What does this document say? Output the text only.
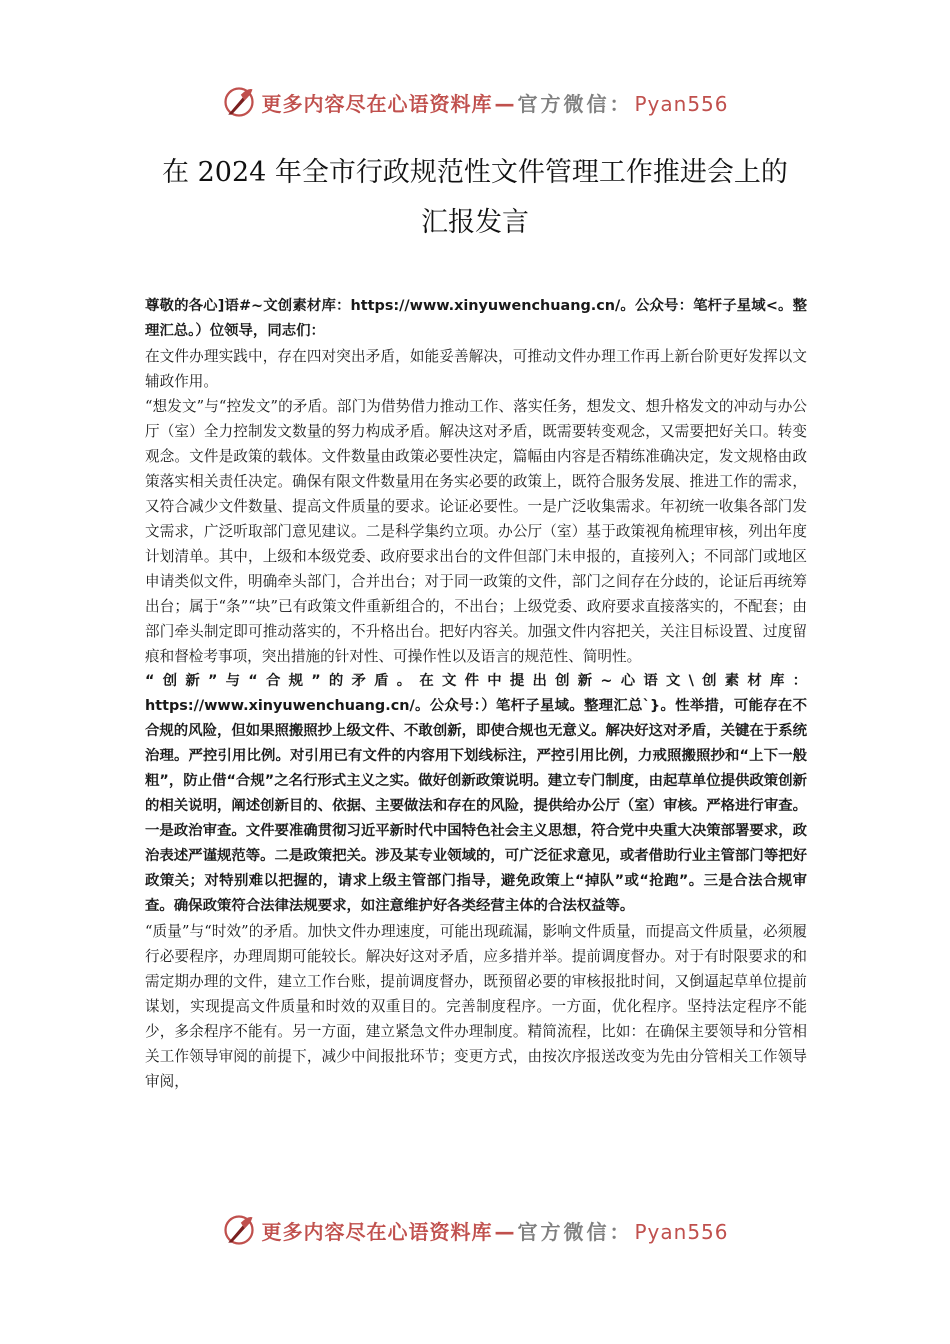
更多内容尽在心语资料库 — 官方微信： Pyan556
在 2024 年全市行政规范性文件管理工作推进会上的
汇报发言

尊敬的各心]语#~文创素材库：https://www.xinyuwenchuang.cn/。公众号：笔杆子星域<。整理汇总。）位领导，同志们：

在文件办理实践中，存在四对突出矛盾，如能妥善解决，可推动文件办理工作再上新台阶更好发挥以文辅政作用。

“想发文”与“控发文”的矛盾。部门为借势借力推动工作、落实任务，想发文、想升格发文的冲动与办公厅（室）全力控制发文数量的努力构成矛盾。解决这对矛盾，既需要转变观念，又需要把好关口。转变观念。文件是政策的载体。文件数量由政策必要性决定，篇幅由内容是否精练准确决定，发文规格由政策落实相关责任决定。确保有限文件数量用在务实必要的政策上，既符合服务发展、推进工作的需求，又符合减少文件数量、提高文件质量的要求。论证必要性。一是广泛收集需求。年初统一收集各部门发文需求，广泛听取部门意见建议。二是科学集约立项。办公厅（室）基于政策视角梳理审核，列出年度计划清单。其中，上级和本级党委、政府要求出台的文件但部门未申报的，直接列入；不同部门或地区申请类似文件，明确牵头部门，合并出台；对于同一政策的文件，部门之间存在分歧的，论证后再统筹出台；属于“条”“块”已有政策文件重新组合的，不出台；上级党委、政府要求直接落实的，不配套；由部门牵头制定即可推动落实的，不升格出台。把好内容关。加强文件内容把关，关注目标设置、过度留痕和督检考事项，突出措施的针对性、可操作性以及语言的规范性、简明性。

“创新”与“合规”的矛盾。在文件中提出创新~心语文\创素材库：https://www.xinyuwenchuang.cn/。公众号：）笔杆子星域。整理汇总`}。性举措，可能存在不合规的风险，但如果照搬照抄上级文件、不敢创新，即使合规也无意义。解决好这对矛盾，关键在于系统治理。严控引用比例。对引用已有文件的内容用下划线标注，严控引用比例，力戒照搬照抄和“上下一般粗”，防止借“合规”之名行形式主义之实。做好创新政策说明。建立专门制度，由起草单位提供政策创新的相关说明，阐述创新目的、依据、主要做法和存在的风险，提供给办公厅（室）审核。严格进行审查。一是政治审查。文件要准确贯彻习近平新时代中国特色社会主义思想，符合党中央重大决策部署要求，政治表述严谨规范等。二是政策把关。涉及某专业领域的，可广泛征求意见，或者借助行业主管部门等把好政策关；对特别难以把握的，请求上级主管部门指导，避免政策上“掉队”或“抢跑”。三是合法合规审查。确保政策符合法律法规要求，如注意维护好各类经营主体的合法权益等。

“质量”与“时效”的矛盾。加快文件办理速度，可能出现疏漏，影响文件质量，而提高文件质量，必须履行必要程序，办理周期可能较长。解决好这对矛盾，应多措并举。提前调度督办。对于有时限要求的和需定期办理的文件，建立工作台账，提前调度督办，既预留必要的审核报批时间，又倒逼起草单位提前谋划，实现提高文件质量和时效的双重目的。完善制度程序。一方面，优化程序。坚持法定程序不能少，多余程序不能有。另一方面，建立紧急文件办理制度。精简流程，比如：在确保主要领导和分管相关工作领导审阅的前提下，减少中间报批环节；变更方式，由按次序报送改变为先由分管相关工作领导审阅，

更多内容尽在心语资料库 — 官方微信： Pyan556
